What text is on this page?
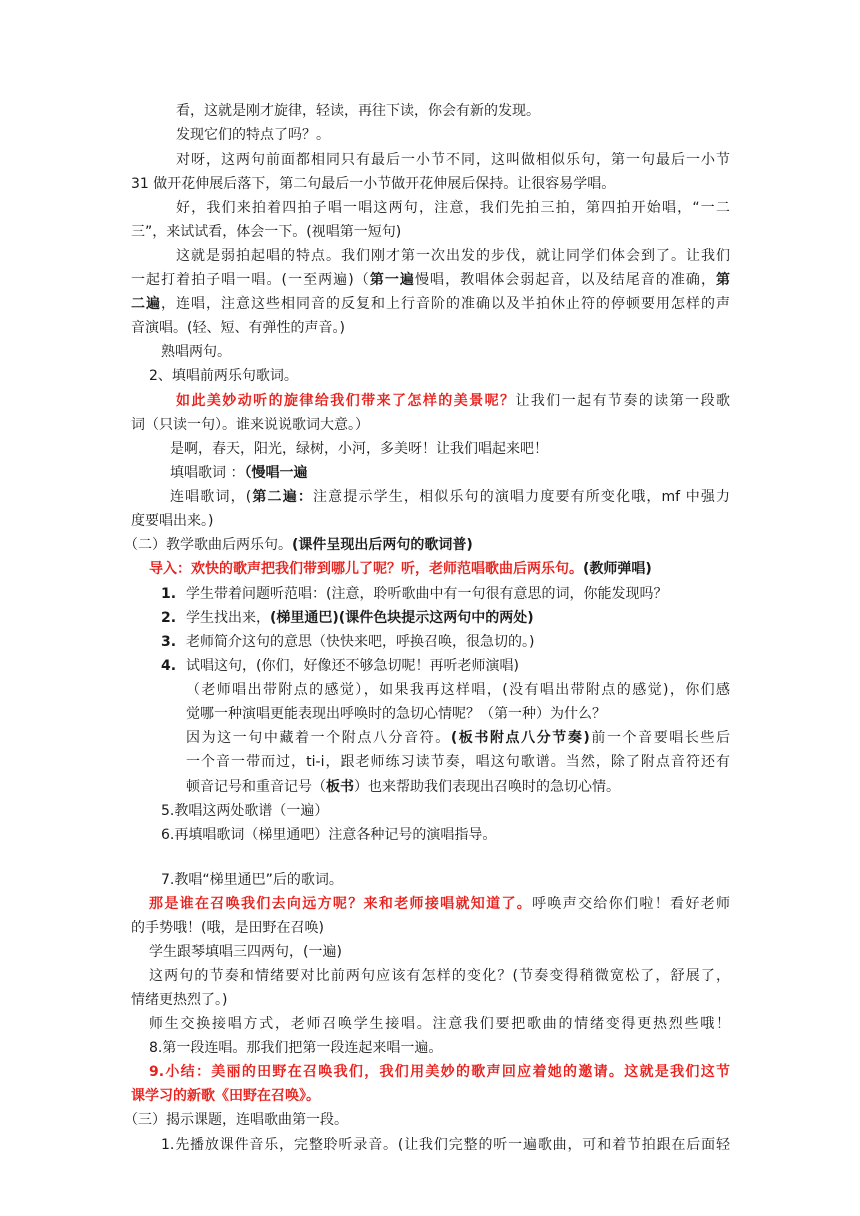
看，这就是刚才旋律，轻读，再往下读，你会有新的发现。
发现它们的特点了吗？。
对呀，这两句前面都相同只有最后一小节不同，这叫做相似乐句，第一句最后一小节
31 做开花伸展后落下，第二句最后一小节做开花伸展后保持。让很容易学唱。
好，我们来拍着四拍子唱一唱这两句，注意，我们先拍三拍，第四拍开始唱，“一二
三”，来试试看，体会一下。(视唱第一短句)
这就是弱拍起唱的特点。我们刚才第一次出发的步伐，就让同学们体会到了。让我们
一起打着拍子唱一唱。(一至两遍)（第一遍慢唱，教唱体会弱起音，以及结尾音的准确，第
二遍，连唱，注意这些相同音的反复和上行音阶的准确以及半拍休止符的停顿要用怎样的声
音演唱。(轻、短、有弹性的声音。)
熟唱两句。
2、填唱前两乐句歌词。
如此美妙动听的旋律给我们带来了怎样的美景呢？让我们一起有节奏的读第一段歌
词（只读一句）。谁来说说歌词大意。）
是啊，春天，阳光，绿树，小河，多美呀！让我们唱起来吧！
填唱歌词 ：（慢唱一遍
连唱歌词，(第二遍：注意提示学生，相似乐句的演唱力度要有所变化哦，mf 中强力
度要唱出来。)
（二）教学歌曲后两乐句。(课件呈现出后两句的歌词普)
导入：欢快的歌声把我们带到哪儿了呢？听，老师范唱歌曲后两乐句。(教师弹唱)
1. 学生带着问题听范唱：(注意，聆听歌曲中有一句很有意思的词，你能发现吗？
2. 学生找出来，(梯里通巴)(课件色块提示这两句中的两处)
3. 老师简介这句的意思（快快来吧，呼换召唤，很急切的。)
4. 试唱这句，(你们，好像还不够急切呢！再听老师演唱)
（老师唱出带附点的感觉），如果我再这样唱，(没有唱出带附点的感觉)，你们感
觉哪一种演唱更能表现出呼唤时的急切心情呢？（第一种）为什么？
因为这一句中藏着一个附点八分音符。(板书附点八分节奏)前一个音要唱长些后
一个音一带而过，ti-i，跟老师练习读节奏，唱这句歌谱。当然，除了附点音符还有
顿音记号和重音记号（板书）也来帮助我们表现出召唤时的急切心情。
5.教唱这两处歌谱（一遍）
6.再填唱歌词（梯里通吧）注意各种记号的演唱指导。
7.教唱“梯里通巴”后的歌词。
那是谁在召唤我们去向远方呢？来和老师接唱就知道了。呼唤声交给你们啦！看好老师
的手势哦！(哦，是田野在召唤)
学生跟琴填唱三四两句，(一遍)
这两句的节奏和情绪要对比前两句应该有怎样的变化？(节奏变得稍微宽松了，舒展了，
情绪更热烈了。)
师生交换接唱方式，老师召唤学生接唱。注意我们要把歌曲的情绪变得更热烈些哦！
8.第一段连唱。那我们把第一段连起来唱一遍。
9.小结：美丽的田野在召唤我们，我们用美妙的歌声回应着她的邀请。这就是我们这节
课学习的新歌《田野在召唤》。
（三）揭示课题，连唱歌曲第一段。
1.先播放课件音乐，完整聆听录音。(让我们完整的听一遍歌曲，可和着节拍跟在后面轻
